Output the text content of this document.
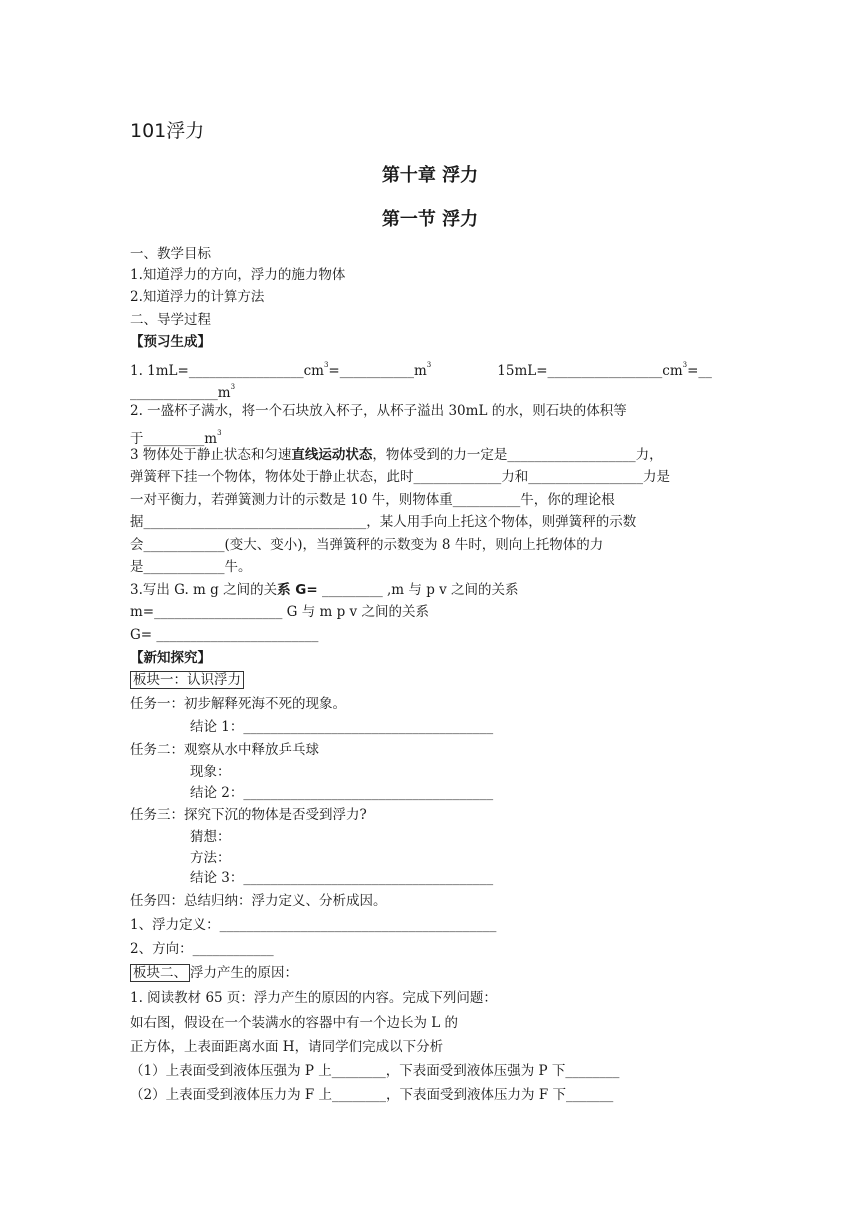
101浮力
第十章 浮力
第一节 浮力
一、教学目标
1.知道浮力的方向，浮力的施力物体
2.知道浮力的计算方法
二、导学过程
【预习生成】
1. $1mL=\_\_\_\_\_\_\_\_\_\_\_\_\_\_\_\_\_cm^3=\_\_\_\_\_\_\_\_\_\_\_m^3$	$15mL=\_\_\_\_\_\_\_\_\_\_\_\_\_\_\_\_\_cm^3=\_\_$
$\_\_\_\_\_\_\_\_\_\_\_\_\_m^3$
2. 一盛杯子满水，将一个石块放入杯子，从杯子溢出 30mL 的水，则石块的体积等
于$\_\_\_\_\_\_\_\_\_m^3$
3 物体处于静止状态和匀速直线运动状态，物体受到的力一定是___________________力，
弹簧秤下挂一个物体，物体处于静止状态，此时_____________力和_________________力是
一对平衡力，若弹簧测力计的示数是 10 牛，则物体重__________牛，你的理论根
据_________________________________，某人用手向上托这个物体，则弹簧秤的示数
会____________(变大、变小)，当弹簧秤的示数变为 8 牛时，则向上托物体的力
是____________牛。
3.写出 G. m g 之间的关系 G= _________ ,m 与 p v 之间的关系
m=___________________ G 与 m p v 之间的关系
G= ________________________
【新知探究】
板块一：认识浮力
任务一：初步解释死海不死的现象。
结论 1：_____________________________________
任务二：观察从水中释放乒乓球
现象：
结论 2：_____________________________________
任务三：探究下沉的物体是否受到浮力?
猜想：
方法：
结论 3：_____________________________________
任务四：总结归纳：浮力定义、分析成因。
1、浮力定义：_________________________________________
2、方向：____________
板块二、 浮力产生的原因：
1. 阅读教材 65 页：浮力产生的原因的内容。完成下列问题：
如右图，假设在一个装满水的容器中有一个边长为 L 的
正方体，上表面距离水面 H，请同学们完成以下分析
（1）上表面受到液体压强为 P 上________，下表面受到液体压强为 P 下________
（2）上表面受到液体压力为 F 上________，下表面受到液体压力为 F 下_______
